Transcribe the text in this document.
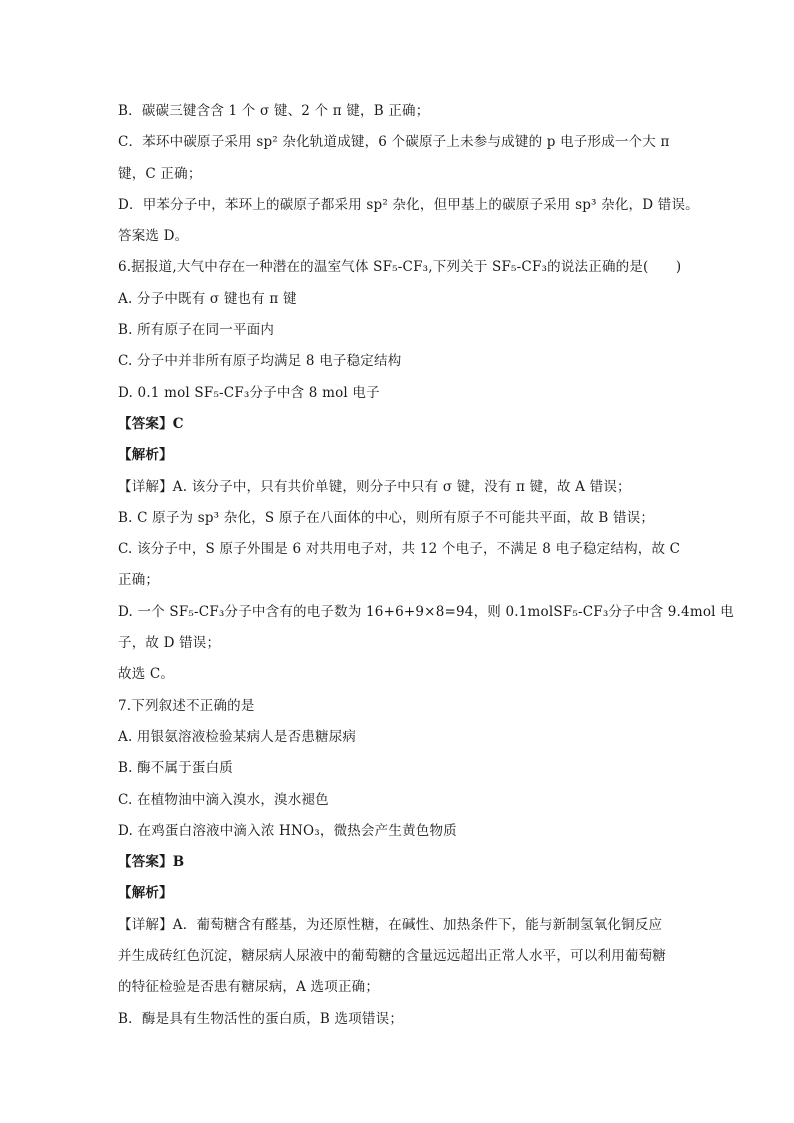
B．碳碳三键含含 1 个 σ 键、2 个 π 键，B 正确；
C．苯环中碳原子采用 sp² 杂化轨道成键，6 个碳原子上未参与成键的 p 电子形成一个大 π
键，C 正确；
D．甲苯分子中，苯环上的碳原子都采用 sp² 杂化，但甲基上的碳原子采用 sp³ 杂化，D 错误。
答案选 D。
6.据报道,大气中存在一种潜在的温室气体 SF₅-CF₃,下列关于 SF₅-CF₃的说法正确的是(　　)
A. 分子中既有 σ 键也有 π 键
B. 所有原子在同一平面内
C. 分子中并非所有原子均满足 8 电子稳定结构
D. 0.1 mol SF₅-CF₃分子中含 8 mol 电子
【答案】C
【解析】
【详解】A. 该分子中，只有共价单键，则分子中只有 σ 键，没有 π 键，故 A 错误；
B. C 原子为 sp³ 杂化，S 原子在八面体的中心，则所有原子不可能共平面，故 B 错误；
C. 该分子中，S 原子外围是 6 对共用电子对，共 12 个电子，不满足 8 电子稳定结构，故 C
正确；
D. 一个 SF₅-CF₃分子中含有的电子数为 16+6+9×8=94，则 0.1molSF₅-CF₃分子中含 9.4mol 电
子，故 D 错误；
故选 C。
7.下列叙述不正确的是
A. 用银氨溶液检验某病人是否患糖尿病
B. 酶不属于蛋白质
C. 在植物油中滴入溴水，溴水褪色
D. 在鸡蛋白溶液中滴入浓 HNO₃，微热会产生黄色物质
【答案】B
【解析】
【详解】A．葡萄糖含有醛基，为还原性糖，在碱性、加热条件下，能与新制氢氧化铜反应
并生成砖红色沉淀，糖尿病人尿液中的葡萄糖的含量远远超出正常人水平，可以利用葡萄糖
的特征检验是否患有糖尿病，A 选项正确；
B．酶是具有生物活性的蛋白质，B 选项错误；
